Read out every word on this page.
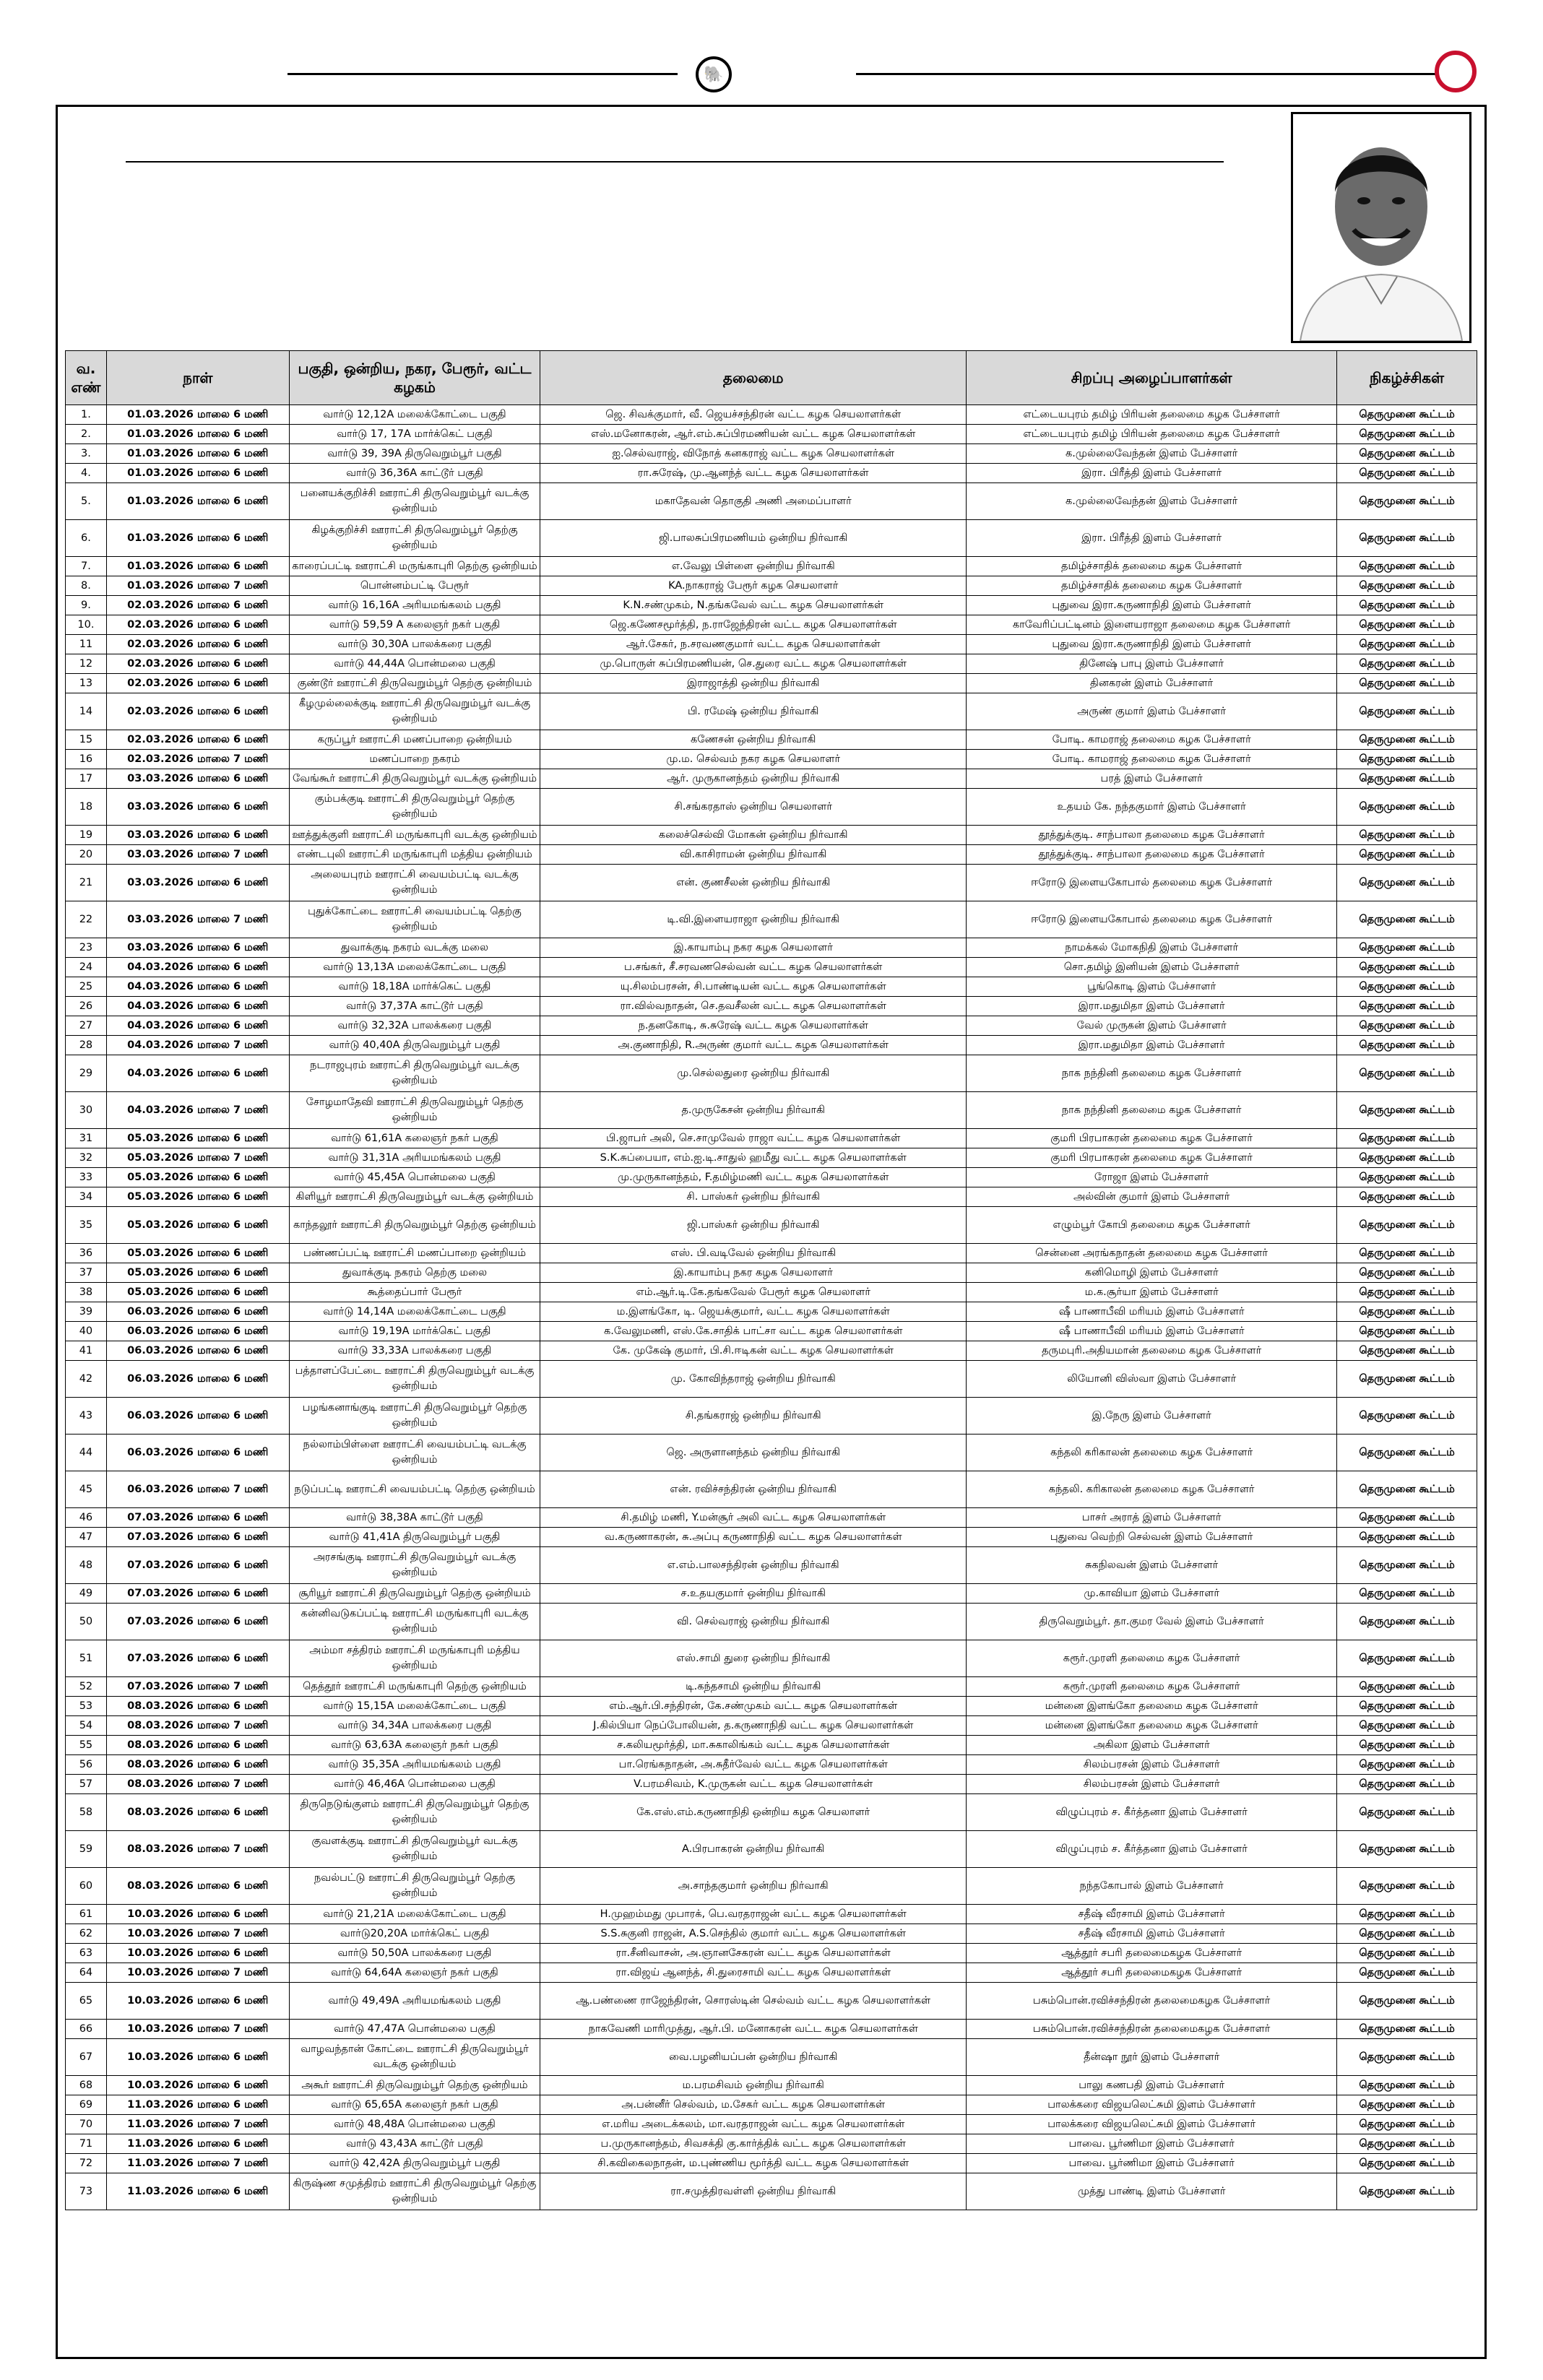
🐘
வ. எண்	நாள்	பகுதி, ஒன்றிய, நகர, பேரூர், வட்ட கழகம்	தலைமை	சிறப்பு அழைப்பாளர்கள்	நிகழ்ச்சிகள்
1.	01.03.2026 மாலை 6 மணி	வார்டு 12,12A மலைக்கோட்டை பகுதி	ஜெ. சிவக்குமார், வீ. ஜெயச்சந்திரன் வட்ட கழக செயலாளர்கள்	எட்டையபுரம் தமிழ் பிரியன் தலைமை கழக பேச்சாளர்	தெருமுனை கூட்டம்
2.	01.03.2026 மாலை 6 மணி	வார்டு 17, 17A மார்க்கெட் பகுதி	எஸ்.மனோகரன், ஆர்.எம்.சுப்பிரமணியன் வட்ட கழக செயலாளர்கள்	எட்டையபுரம் தமிழ் பிரியன் தலைமை கழக பேச்சாளர்	தெருமுனை கூட்டம்
3.	01.03.2026 மாலை 6 மணி	வார்டு 39, 39A திருவெறும்பூர் பகுதி	ஐ.செல்வராஜ், விநோத் கனகராஜ் வட்ட கழக செயலாளர்கள்	க.முல்லைவேந்தன் இளம் பேச்சாளர்	தெருமுனை கூட்டம்
4.	01.03.2026 மாலை 6 மணி	வார்டு 36,36A காட்டூர் பகுதி	ரா.சுரேஷ், மு.ஆனந்த் வட்ட கழக செயலாளர்கள்	இரா. பிரீத்தி இளம் பேச்சாளர்	தெருமுனை கூட்டம்
5.	01.03.2026 மாலை 6 மணி	பனையக்குறிச்சி ஊராட்சி திருவெறும்பூர் வடக்கு ஒன்றியம்	மகாதேவன் தொகுதி அணி அமைப்பாளர்	க.முல்லைவேந்தன் இளம் பேச்சாளர்	தெருமுனை கூட்டம்
6.	01.03.2026 மாலை 6 மணி	கிழக்குறிச்சி ஊராட்சி திருவெறும்பூர் தெற்கு ஒன்றியம்	ஜி.பாலசுப்பிரமணியம் ஒன்றிய நிர்வாகி	இரா. பிரீத்தி இளம் பேச்சாளர்	தெருமுனை கூட்டம்
7.	01.03.2026 மாலை 6 மணி	காரைப்பட்டி ஊராட்சி மருங்காபுரி தெற்கு ஒன்றியம்	எ.வேலு பிள்ளை ஒன்றிய நிர்வாகி	தமிழ்ச்சாதிக் தலைமை கழக பேச்சாளர்	தெருமுனை கூட்டம்
8.	01.03.2026 மாலை 7 மணி	பொன்னம்பட்டி பேரூர்	KA.நாகராஜ் பேரூர் கழக செயலாளர்	தமிழ்ச்சாதிக் தலைமை கழக பேச்சாளர்	தெருமுனை கூட்டம்
9.	02.03.2026 மாலை 6 மணி	வார்டு 16,16A அரியமங்கலம் பகுதி	K.N.சண்முகம், N.தங்கவேல் வட்ட கழக செயலாளர்கள்	புதுவை இரா.கருணாநிதி இளம் பேச்சாளர்	தெருமுனை கூட்டம்
10.	02.03.2026 மாலை 6 மணி	வார்டு 59,59 A கலைஞர் நகர் பகுதி	ஜெ.கணேசமூர்த்தி, ந.ராஜேந்திரன் வட்ட கழக செயலாளர்கள்	காவேரிப்பட்டினம் இளையராஜா தலைமை கழக பேச்சாளர்	தெருமுனை கூட்டம்
11	02.03.2026 மாலை 6 மணி	வார்டு 30,30A பாலக்கரை பகுதி	ஆர்.சேகர், ந.சரவணகுமார் வட்ட கழக செயலாளர்கள்	புதுவை இரா.கருணாநிதி இளம் பேச்சாளர்	தெருமுனை கூட்டம்
12	02.03.2026 மாலை 6 மணி	வார்டு 44,44A பொன்மலை பகுதி	மு.பொருள் சுப்பிரமணியன், செ.துரை வட்ட கழக செயலாளர்கள்	தினேஷ் பாபு இளம் பேச்சாளர்	தெருமுனை கூட்டம்
13	02.03.2026 மாலை 6 மணி	குண்டூர் ஊராட்சி திருவெறும்பூர் தெற்கு ஒன்றியம்	இராஜாத்தி ஒன்றிய நிர்வாகி	தினகரன் இளம் பேச்சாளர்	தெருமுனை கூட்டம்
14	02.03.2026 மாலை 6 மணி	கீழமுல்லைக்குடி ஊராட்சி திருவெறும்பூர் வடக்கு ஒன்றியம்	பி. ரமேஷ் ஒன்றிய நிர்வாகி	அருண் குமார் இளம் பேச்சாளர்	தெருமுனை கூட்டம்
15	02.03.2026 மாலை 6 மணி	கருப்பூர் ஊராட்சி மணப்பாறை ஒன்றியம்	கணேசன் ஒன்றிய நிர்வாகி	போடி. காமராஜ் தலைமை கழக பேச்சாளர்	தெருமுனை கூட்டம்
16	02.03.2026 மாலை 7 மணி	மணப்பாறை நகரம்	மு.ம. செல்வம் நகர கழக செயலாளர்	போடி. காமராஜ் தலைமை கழக பேச்சாளர்	தெருமுனை கூட்டம்
17	03.03.2026 மாலை 6 மணி	வேங்கூர் ஊராட்சி திருவெறும்பூர் வடக்கு ஒன்றியம்	ஆர். முருகானந்தம் ஒன்றிய நிர்வாகி	பரத் இளம் பேச்சாளர்	தெருமுனை கூட்டம்
18	03.03.2026 மாலை 6 மணி	கும்பக்குடி ஊராட்சி திருவெறும்பூர் தெற்கு ஒன்றியம்	சி.சங்கரதாஸ் ஒன்றிய செயலாளர்	உதயம் கே. நந்தகுமார் இளம் பேச்சாளர்	தெருமுனை கூட்டம்
19	03.03.2026 மாலை 6 மணி	ஊத்துக்குளி ஊராட்சி மருங்காபுரி வடக்கு ஒன்றியம்	கலைச்செல்வி மோகன் ஒன்றிய நிர்வாகி	தூத்துக்குடி. சாந்பாலா தலைமை கழக பேச்சாளர்	தெருமுனை கூட்டம்
20	03.03.2026 மாலை 7 மணி	எண்டபுலி ஊராட்சி மருங்காபுரி மத்திய ஒன்றியம்	வி.காசிராமன் ஒன்றிய நிர்வாகி	தூத்துக்குடி. சாந்பாலா தலைமை கழக பேச்சாளர்	தெருமுனை கூட்டம்
21	03.03.2026 மாலை 6 மணி	அலையபுரம் ஊராட்சி வையம்பட்டி வடக்கு ஒன்றியம்	என். குணசீலன் ஒன்றிய நிர்வாகி	ஈரோடு இளையகோபால் தலைமை கழக பேச்சாளர்	தெருமுனை கூட்டம்
22	03.03.2026 மாலை 7 மணி	புதுக்கோட்டை ஊராட்சி வையம்பட்டி தெற்கு ஒன்றியம்	டி.வி.இளையராஜா ஒன்றிய நிர்வாகி	ஈரோடு இளையகோபால் தலைமை கழக பேச்சாளர்	தெருமுனை கூட்டம்
23	03.03.2026 மாலை 6 மணி	துவாக்குடி நகரம் வடக்கு மலை	இ.காயாம்பு நகர கழக செயலாளர்	நாமக்கல் மோகநிதி இளம் பேச்சாளர்	தெருமுனை கூட்டம்
24	04.03.2026 மாலை 6 மணி	வார்டு 13,13A மலைக்கோட்டை பகுதி	ப.சங்கர், சீ.சரவணசெல்வன் வட்ட கழக செயலாளர்கள்	சொ.தமிழ் இனியன் இளம் பேச்சாளர்	தெருமுனை கூட்டம்
25	04.03.2026 மாலை 6 மணி	வார்டு 18,18A மார்க்கெட் பகுதி	யு.சிலம்பரசன், சி.பாண்டியன் வட்ட கழக செயலாளர்கள்	பூங்கொடி இளம் பேச்சாளர்	தெருமுனை கூட்டம்
26	04.03.2026 மாலை 6 மணி	வார்டு 37,37A காட்டூர் பகுதி	ரா.வில்வநாதன், செ.தவசீலன் வட்ட கழக செயலாளர்கள்	இரா.மதுமிதா இளம் பேச்சாளர்	தெருமுனை கூட்டம்
27	04.03.2026 மாலை 6 மணி	வார்டு 32,32A பாலக்கரை பகுதி	ந.தனகோடி, சு.சுரேஷ் வட்ட கழக செயலாளர்கள்	வேல் முருகன் இளம் பேச்சாளர்	தெருமுனை கூட்டம்
28	04.03.2026 மாலை 7 மணி	வார்டு 40,40A திருவெறும்பூர் பகுதி	அ.குணாநிதி, R.அருண் குமார் வட்ட கழக செயலாளர்கள்	இரா.மதுமிதா இளம் பேச்சாளர்	தெருமுனை கூட்டம்
29	04.03.2026 மாலை 6 மணி	நடராஜபுரம் ஊராட்சி திருவெறும்பூர் வடக்கு ஒன்றியம்	மு.செல்லதுரை ஒன்றிய நிர்வாகி	நாக நந்தினி தலைமை கழக பேச்சாளர்	தெருமுனை கூட்டம்
30	04.03.2026 மாலை 7 மணி	சோழமாதேவி ஊராட்சி திருவெறும்பூர் தெற்கு ஒன்றியம்	த.முருகேசன் ஒன்றிய நிர்வாகி	நாக நந்தினி தலைமை கழக பேச்சாளர்	தெருமுனை கூட்டம்
31	05.03.2026 மாலை 6 மணி	வார்டு 61,61A கலைஞர் நகர் பகுதி	பி.ஜாபர் அலி, செ.சாமுவேல் ராஜா வட்ட கழக செயலாளர்கள்	குமரி பிரபாகரன் தலைமை கழக பேச்சாளர்	தெருமுனை கூட்டம்
32	05.03.2026 மாலை 7 மணி	வார்டு 31,31A அரியமங்கலம் பகுதி	S.K.சுப்பையா, எம்.ஐ.டி.சாதுல் ஹமீது வட்ட கழக செயலாளர்கள்	குமரி பிரபாகரன் தலைமை கழக பேச்சாளர்	தெருமுனை கூட்டம்
33	05.03.2026 மாலை 6 மணி	வார்டு 45,45A பொன்மலை பகுதி	மு.முருகானந்தம், F.தமிழ்மணி வட்ட கழக செயலாளர்கள்	ரோஜா இளம் பேச்சாளர்	தெருமுனை கூட்டம்
34	05.03.2026 மாலை 6 மணி	கிளியூர் ஊராட்சி திருவெறும்பூர் வடக்கு ஒன்றியம்	சி. பாஸ்கர் ஒன்றிய நிர்வாகி	அல்வின் குமார் இளம் பேச்சாளர்	தெருமுனை கூட்டம்
35	05.03.2026 மாலை 6 மணி	காந்தலூர் ஊராட்சி திருவெறும்பூர் தெற்கு ஒன்றியம்	ஜி.பாஸ்கர் ஒன்றிய நிர்வாகி	எழும்பூர் கோபி தலைமை கழக பேச்சாளர்	தெருமுனை கூட்டம்
36	05.03.2026 மாலை 6 மணி	பண்ணப்பட்டி ஊராட்சி மணப்பாறை ஒன்றியம்	எஸ். பி.வடிவேல் ஒன்றிய நிர்வாகி	சென்னை அரங்கநாதன் தலைமை கழக பேச்சாளர்	தெருமுனை கூட்டம்
37	05.03.2026 மாலை 6 மணி	துவாக்குடி நகரம் தெற்கு மலை	இ.காயாம்பு நகர கழக செயலாளர்	கனிமொழி இளம் பேச்சாளர்	தெருமுனை கூட்டம்
38	05.03.2026 மாலை 6 மணி	கூத்தைப்பார் பேரூர்	எம்.ஆர்.டி.கே.தங்கவேல் பேரூர் கழக செயலாளர்	ம.க.சூர்யா இளம் பேச்சாளர்	தெருமுனை கூட்டம்
39	06.03.2026 மாலை 6 மணி	வார்டு 14,14A மலைக்கோட்டை பகுதி	ம.இளங்கோ, டி. ஜெயக்குமார், வட்ட கழக செயலாளர்கள்	ஷீ பாணாபீவி மரியம் இளம் பேச்சாளர்	தெருமுனை கூட்டம்
40	06.03.2026 மாலை 6 மணி	வார்டு 19,19A மார்க்கெட் பகுதி	க.வேலுமணி, எஸ்.கே.சாதிக் பாட்சா வட்ட கழக செயலாளர்கள்	ஷீ பாணாபீவி மரியம் இளம் பேச்சாளர்	தெருமுனை கூட்டம்
41	06.03.2026 மாலை 6 மணி	வார்டு 33,33A பாலக்கரை பகுதி	கே. முகேஷ் குமார், பி.சி.ஈடிகன் வட்ட கழக செயலாளர்கள்	தருமபுரி.அதியமான் தலைமை கழக பேச்சாளர்	தெருமுனை கூட்டம்
42	06.03.2026 மாலை 6 மணி	பத்தாளப்பேட்டை ஊராட்சி திருவெறும்பூர் வடக்கு ஒன்றியம்	மு. கோவிந்தராஜ் ஒன்றிய நிர்வாகி	லியோனி விஸ்வா இளம் பேச்சாளர்	தெருமுனை கூட்டம்
43	06.03.2026 மாலை 6 மணி	பழங்கனாங்குடி ஊராட்சி திருவெறும்பூர் தெற்கு ஒன்றியம்	சி.தங்கராஜ் ஒன்றிய நிர்வாகி	இ.நேரு இளம் பேச்சாளர்	தெருமுனை கூட்டம்
44	06.03.2026 மாலை 6 மணி	நல்லாம்பிள்ளை ஊராட்சி வையம்பட்டி வடக்கு ஒன்றியம்	ஜெ. அருளானந்தம் ஒன்றிய நிர்வாகி	கந்தலி கரிகாலன் தலைமை கழக பேச்சாளர்	தெருமுனை கூட்டம்
45	06.03.2026 மாலை 7 மணி	நடுப்பட்டி ஊராட்சி வையம்பட்டி தெற்கு ஒன்றியம்	என். ரவிச்சந்திரன் ஒன்றிய நிர்வாகி	கந்தலி. கரிகாலன் தலைமை கழக பேச்சாளர்	தெருமுனை கூட்டம்
46	07.03.2026 மாலை 6 மணி	வார்டு 38,38A காட்டூர் பகுதி	சி.தமிழ் மணி, Y.மன்சூர் அலி வட்ட கழக செயலாளர்கள்	பாசர் அராத் இளம் பேச்சாளர்	தெருமுனை கூட்டம்
47	07.03.2026 மாலை 6 மணி	வார்டு 41,41A திருவெறும்பூர் பகுதி	வ.கருணாகரன், சு.அப்பு கருணாநிதி வட்ட கழக செயலாளர்கள்	புதுவை வெற்றி செல்வன் இளம் பேச்சாளர்	தெருமுனை கூட்டம்
48	07.03.2026 மாலை 6 மணி	அரசங்குடி ஊராட்சி திருவெறும்பூர் வடக்கு ஒன்றியம்	எ.எம்.பாலசந்திரன் ஒன்றிய நிர்வாகி	சுகநிலவன் இளம் பேச்சாளர்	தெருமுனை கூட்டம்
49	07.03.2026 மாலை 6 மணி	சூரியூர் ஊராட்சி திருவெறும்பூர் தெற்கு ஒன்றியம்	ச.உதயகுமார் ஒன்றிய நிர்வாகி	மு.காவியா இளம் பேச்சாளர்	தெருமுனை கூட்டம்
50	07.03.2026 மாலை 6 மணி	கன்னிவடுகப்பட்டி ஊராட்சி மருங்காபுரி வடக்கு ஒன்றியம்	வி. செல்வராஜ் ஒன்றிய நிர்வாகி	திருவெறும்பூர். தா.குமர வேல் இளம் பேச்சாளர்	தெருமுனை கூட்டம்
51	07.03.2026 மாலை 6 மணி	அம்மா சத்திரம் ஊராட்சி மருங்காபுரி மத்திய ஒன்றியம்	எஸ்.சாமி துரை ஒன்றிய நிர்வாகி	கரூர்.முரளி தலைமை கழக பேச்சாளர்	தெருமுனை கூட்டம்
52	07.03.2026 மாலை 7 மணி	தெத்தூர் ஊராட்சி மருங்காபுரி தெற்கு ஒன்றியம்	டி.கந்தசாமி ஒன்றிய நிர்வாகி	கரூர்.முரளி தலைமை கழக பேச்சாளர்	தெருமுனை கூட்டம்
53	08.03.2026 மாலை 6 மணி	வார்டு 15,15A மலைக்கோட்டை பகுதி	எம்.ஆர்.பி.சந்திரன், கே.சண்முகம் வட்ட கழக செயலாளர்கள்	மன்னை இளங்கோ தலைமை கழக பேச்சாளர்	தெருமுனை கூட்டம்
54	08.03.2026 மாலை 7 மணி	வார்டு 34,34A பாலக்கரை பகுதி	J.கில்பியா நெப்போலியன், த.கருணாநிதி வட்ட கழக செயலாளர்கள்	மன்னை இளங்கோ தலைமை கழக பேச்சாளர்	தெருமுனை கூட்டம்
55	08.03.2026 மாலை 6 மணி	வார்டு 63,63A கலைஞர் நகர் பகுதி	ச.கலியமூர்த்தி, மா.சுகாலிங்கம் வட்ட கழக செயலாளர்கள்	அகிலா இளம் பேச்சாளர்	தெருமுனை கூட்டம்
56	08.03.2026 மாலை 6 மணி	வார்டு 35,35A அரியமங்கலம் பகுதி	பா.ரெங்கநாதன், அ.சுதீர்வேல் வட்ட கழக செயலாளர்கள்	சிலம்பரசன் இளம் பேச்சாளர்	தெருமுனை கூட்டம்
57	08.03.2026 மாலை 7 மணி	வார்டு 46,46A பொன்மலை பகுதி	V.பரமசிவம், K.முருகன் வட்ட கழக செயலாளர்கள்	சிலம்பரசன் இளம் பேச்சாளர்	தெருமுனை கூட்டம்
58	08.03.2026 மாலை 6 மணி	திருநெடுங்குளம் ஊராட்சி திருவெறும்பூர் தெற்கு ஒன்றியம்	கே.எஸ்.எம்.கருணாநிதி ஒன்றிய கழக செயலாளர்	விழுப்புரம் ச. கீர்த்தனா இளம் பேச்சாளர்	தெருமுனை கூட்டம்
59	08.03.2026 மாலை 7 மணி	குவளக்குடி ஊராட்சி திருவெறும்பூர் வடக்கு ஒன்றியம்	A.பிரபாகரன் ஒன்றிய நிர்வாகி	விழுப்புரம் ச. கீர்த்தனா இளம் பேச்சாளர்	தெருமுனை கூட்டம்
60	08.03.2026 மாலை 6 மணி	நவல்பட்டு ஊராட்சி திருவெறும்பூர் தெற்கு ஒன்றியம்	அ.சாந்தகுமார் ஒன்றிய நிர்வாகி	நந்தகோபால் இளம் பேச்சாளர்	தெருமுனை கூட்டம்
61	10.03.2026 மாலை 6 மணி	வார்டு 21,21A மலைக்கோட்டை பகுதி	H.முஹம்மது முபாரக், பெ.வரதராஜன் வட்ட கழக செயலாளர்கள்	சதீஷ் வீரசாமி இளம் பேச்சாளர்	தெருமுனை கூட்டம்
62	10.03.2026 மாலை 7 மணி	வார்டு20,20A மார்க்கெட் பகுதி	S.S.சுகுனி ராஜன், A.S.செந்தில் குமார் வட்ட கழக செயலாளர்கள்	சதீஷ் வீரசாமி இளம் பேச்சாளர்	தெருமுனை கூட்டம்
63	10.03.2026 மாலை 6 மணி	வார்டு 50,50A பாலக்கரை பகுதி	ரா.சீனிவாசன், அ.ஞானசேகரன் வட்ட கழக செயலாளர்கள்	ஆத்தூர் சபரி தலைமைகழக பேச்சாளர்	தெருமுனை கூட்டம்
64	10.03.2026 மாலை 7 மணி	வார்டு 64,64A கலைஞர் நகர் பகுதி	ரா.விஜய் ஆனந்த், சி.துரைசாமி வட்ட கழக செயலாளர்கள்	ஆத்தூர் சபரி தலைமைகழக பேச்சாளர்	தெருமுனை கூட்டம்
65	10.03.2026 மாலை 6 மணி	வார்டு 49,49A அரியமங்கலம் பகுதி	ஆ.பண்ணை ராஜேந்திரன், சொரஸ்டின் செல்வம் வட்ட கழக செயலாளர்கள்	பசும்பொன்.ரவிச்சந்திரன் தலைமைகழக பேச்சாளர்	தெருமுனை கூட்டம்
66	10.03.2026 மாலை 7 மணி	வார்டு 47,47A பொன்மலை பகுதி	நாகவேணி மாரிமுத்து, ஆர்.பி. மனோகரன் வட்ட கழக செயலாளர்கள்	பசும்பொன்.ரவிச்சந்திரன் தலைமைகழக பேச்சாளர்	தெருமுனை கூட்டம்
67	10.03.2026 மாலை 6 மணி	வாழவந்தான் கோட்டை ஊராட்சி திருவெறும்பூர் வடக்கு ஒன்றியம்	வை.பழனியப்பன் ஒன்றிய நிர்வாகி	தீன்ஷா நூர் இளம் பேச்சாளர்	தெருமுனை கூட்டம்
68	10.03.2026 மாலை 6 மணி	அகூர் ஊராட்சி திருவெறும்பூர் தெற்கு ஒன்றியம்	ம.பரமசிவம் ஒன்றிய நிர்வாகி	பாலு கணபதி இளம் பேச்சாளர்	தெருமுனை கூட்டம்
69	11.03.2026 மாலை 6 மணி	வார்டு 65,65A கலைஞர் நகர் பகுதி	அ.பன்னீர் செல்வம், ம.சேகர் வட்ட கழக செயலாளர்கள்	பாலக்கரை விஜயலெட்சுமி இளம் பேச்சாளர்	தெருமுனை கூட்டம்
70	11.03.2026 மாலை 7 மணி	வார்டு 48,48A பொன்மலை பகுதி	எ.மரிய அடைக்கலம், மா.வரதராஜன் வட்ட கழக செயலாளர்கள்	பாலக்கரை விஜயலெட்சுமி இளம் பேச்சாளர்	தெருமுனை கூட்டம்
71	11.03.2026 மாலை 6 மணி	வார்டு 43,43A காட்டூர் பகுதி	ப.முருகானந்தம், சிவசக்தி கு.கார்த்திக் வட்ட கழக செயலாளர்கள்	பாவை. பூர்ணிமா இளம் பேச்சாளர்	தெருமுனை கூட்டம்
72	11.03.2026 மாலை 7 மணி	வார்டு 42,42A திருவெறும்பூர் பகுதி	சி.கவிகைலநாதன், ம.புண்ணிய மூர்த்தி வட்ட கழக செயலாளர்கள்	பாவை. பூர்ணிமா இளம் பேச்சாளர்	தெருமுனை கூட்டம்
73	11.03.2026 மாலை 6 மணி	கிருஷ்ண சமுத்திரம் ஊராட்சி திருவெறும்பூர் தெற்கு ஒன்றியம்	ரா.சமுத்திரவள்ளி ஒன்றிய நிர்வாகி	முத்து பாண்டி இளம் பேச்சாளர்	தெருமுனை கூட்டம்
